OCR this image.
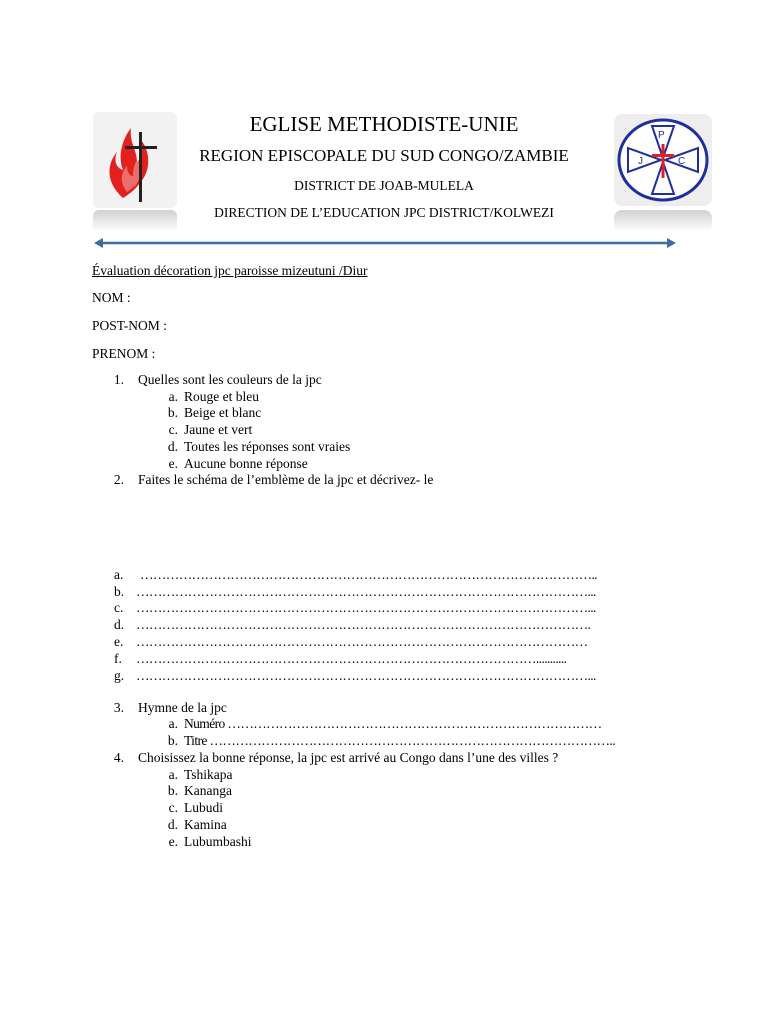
P
J	C
EGLISE METHODISTE-UNIE
REGION EPISCOPALE DU SUD CONGO/ZAMBIE
DISTRICT DE JOAB-MULELA
DIRECTION DE L’EDUCATION JPC DISTRICT/KOLWEZI
Évaluation décoration jpc paroisse mizeutuni /Diur
NOM :
POST-NOM :
PRENOM :
1. Quelles sont les couleurs de la jpc
a. Rouge et bleu
b. Beige et blanc
c. Jaune et vert
d. Toutes les réponses sont vraies
e. Aucune bonne réponse
2. Faites le schéma de l’emblème de la jpc et décrivez- le
a. ……………………………………………………………………………………………..
b. ……………………………………………………………………………………………...
c. ……………………………………………………………………………………………...
d. …………………………………………………………………………………………….
e. ……………………………………………………………………………………………
f. …………………………………………………………………………………...........
g. ……………………………………………………………………………………………...
3. Hymne de la jpc
a. Numéro ……………………………………………………………………………
b. Titre …………………………………………………………………………………..
4. Choisissez la bonne réponse, la jpc est arrivé au Congo dans l’une des villes ?
a. Tshikapa
b. Kananga
c. Lubudi
d. Kamina
e. Lubumbashi
